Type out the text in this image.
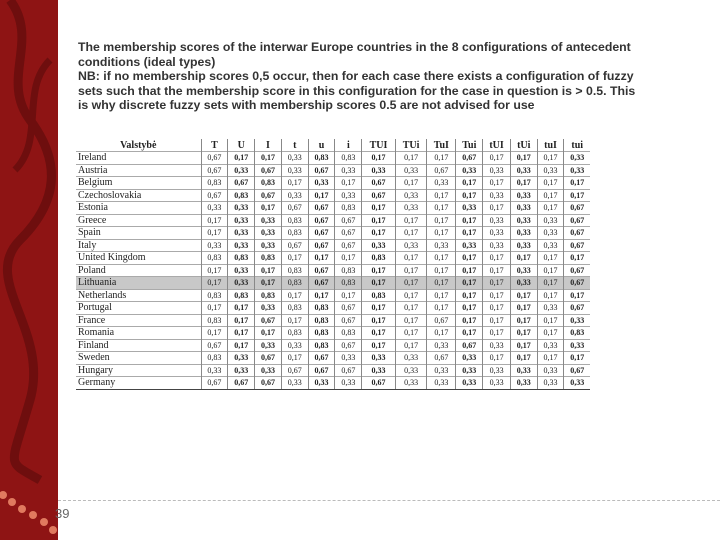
The membership scores of the interwar Europe countries in the 8 configurations of antecedent
conditions (ideal types)
NB: if no membership scores 0,5 occur, then for each case there exists a configuration of fuzzy
sets such that the membership score in this configuration for the case in question is > 0.5. This
is why discrete fuzzy sets with membership scores 0.5 are not advised for use
Valstybė	T	U	I	t	u	i	TUI	TUi	TuI	Tui	tUI	tUi	tuI	tui
Ireland	0,67	0,17	0,17	0,33	0,83	0,83	0,17	0,17	0,17	0,67	0,17	0,17	0,17	0,33
Austria	0,67	0,33	0,67	0,33	0,67	0,33	0,33	0,33	0,67	0,33	0,33	0,33	0,33	0,33
Belgium	0,83	0,67	0,83	0,17	0,33	0,17	0,67	0,17	0,33	0,17	0,17	0,17	0,17	0,17
Czechoslovakia	0,67	0,83	0,67	0,33	0,17	0,33	0,67	0,33	0,17	0,17	0,33	0,33	0,17	0,17
Estonia	0,33	0,33	0,17	0,67	0,67	0,83	0,17	0,33	0,17	0,33	0,17	0,33	0,17	0,67
Greece	0,17	0,33	0,33	0,83	0,67	0,67	0,17	0,17	0,17	0,17	0,33	0,33	0,33	0,67
Spain	0,17	0,33	0,33	0,83	0,67	0,67	0,17	0,17	0,17	0,17	0,33	0,33	0,33	0,67
Italy	0,33	0,33	0,33	0,67	0,67	0,67	0,33	0,33	0,33	0,33	0,33	0,33	0,33	0,67
United Kingdom	0,83	0,83	0,83	0,17	0,17	0,17	0,83	0,17	0,17	0,17	0,17	0,17	0,17	0,17
Poland	0,17	0,33	0,17	0,83	0,67	0,83	0,17	0,17	0,17	0,17	0,17	0,33	0,17	0,67
Lithuania	0,17	0,33	0,17	0,83	0,67	0,83	0,17	0,17	0,17	0,17	0,17	0,33	0,17	0,67
Netherlands	0,83	0,83	0,83	0,17	0,17	0,17	0,83	0,17	0,17	0,17	0,17	0,17	0,17	0,17
Portugal	0,17	0,17	0,33	0,83	0,83	0,67	0,17	0,17	0,17	0,17	0,17	0,17	0,33	0,67
France	0,83	0,17	0,67	0,17	0,83	0,67	0,17	0,17	0,67	0,17	0,17	0,17	0,17	0,33
Romania	0,17	0,17	0,17	0,83	0,83	0,83	0,17	0,17	0,17	0,17	0,17	0,17	0,17	0,83
Finland	0,67	0,17	0,33	0,33	0,83	0,67	0,17	0,17	0,33	0,67	0,33	0,17	0,33	0,33
Sweden	0,83	0,33	0,67	0,17	0,67	0,33	0,33	0,33	0,67	0,33	0,17	0,17	0,17	0,17
Hungary	0,33	0,33	0,33	0,67	0,67	0,67	0,33	0,33	0,33	0,33	0,33	0,33	0,33	0,67
Germany	0,67	0,67	0,67	0,33	0,33	0,33	0,67	0,33	0,33	0,33	0,33	0,33	0,33	0,33
39
